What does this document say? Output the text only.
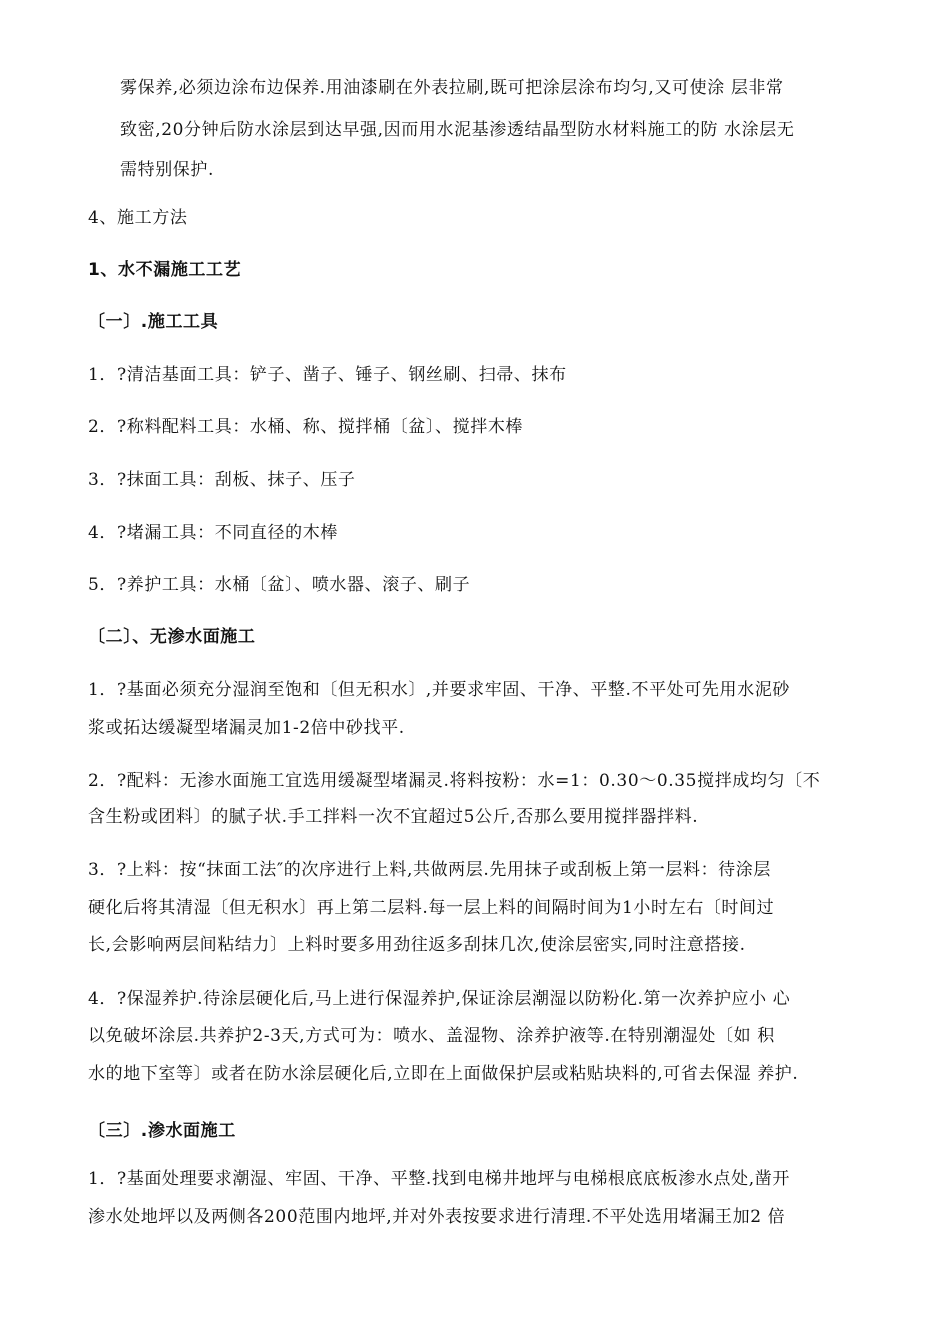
雾保养,必须边涂布边保养.用油漆刷在外表拉刷,既可把涂层涂布均匀,又可使涂 层非常
致密,20分钟后防水涂层到达早强,因而用水泥基渗透结晶型防水材料施工的防 水涂层无
需特别保护.
4、施工方法
1、水不漏施工工艺
〔一〕.施工工具
1．?清洁基面工具：铲子、凿子、锤子、钢丝刷、扫帚、抹布
2．?称料配料工具：水桶、称、搅拌桶〔盆〕、搅拌木棒
3．?抹面工具：刮板、抹子、压子
4．?堵漏工具：不同直径的木棒
5．?养护工具：水桶〔盆〕、喷水器、滚子、刷子
〔二〕、无渗水面施工
1．?基面必须充分湿润至饱和〔但无积水〕,并要求牢固、干净、平整.不平处可先用水泥砂
浆或拓达缓凝型堵漏灵加1-2倍中砂找平.
2．?配料：无渗水面施工宜选用缓凝型堵漏灵.将料按粉：水=1：0.30〜0.35搅拌成均匀〔不
含生粉或团料〕的腻子状.手工拌料一次不宜超过5公斤,否那么要用搅拌器拌料.
3．?上料：按“抹面工法″的次序进行上料,共做两层.先用抹子或刮板上第一层料：待涂层
硬化后将其清湿〔但无积水〕再上第二层料.每一层上料的间隔时间为1小时左右〔时间过
长,会影响两层间粘结力〕上料时要多用劲往返多刮抹几次,使涂层密实,同时注意搭接.
4．?保湿养护.待涂层硬化后,马上进行保湿养护,保证涂层潮湿以防粉化.第一次养护应小 心
以免破坏涂层.共养护2-3天,方式可为：喷水、盖湿物、涂养护液等.在特别潮湿处〔如 积
水的地下室等〕或者在防水涂层硬化后,立即在上面做保护层或粘贴块料的,可省去保湿 养护.
〔三〕.渗水面施工
1．?基面处理要求潮湿、牢固、干净、平整.找到电梯井地坪与电梯根底底板渗水点处,凿开
渗水处地坪以及两侧各200范围内地坪,并对外表按要求进行清理.不平处选用堵漏王加2 倍
